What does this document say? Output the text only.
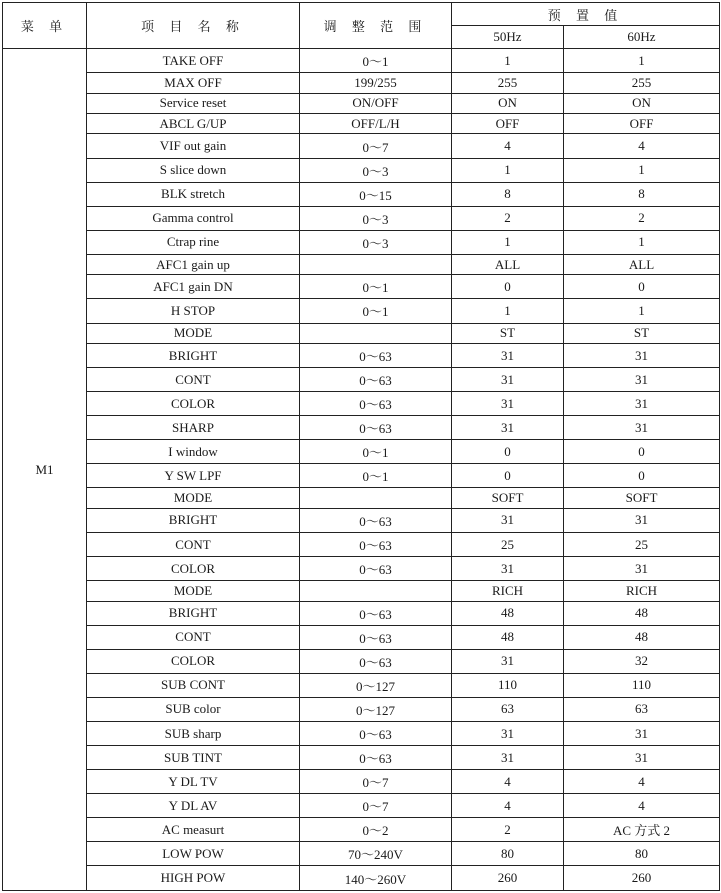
菜 单	项 目 名 称	调 整 范 围	预 置 值	
			50Hz	60Hz
M1	TAKE OFF	0～1	1	1
	MAX OFF	199/255	255	255
	Service reset	ON/OFF	ON	ON
	ABCL G/UP	OFF/L/H	OFF	OFF
	VIF out gain	0～7	4	4
	S slice down	0～3	1	1
	BLK stretch	0～15	8	8
	Gamma control	0～3	2	2
	Ctrap rine	0～3	1	1
	AFC1 gain up		ALL	ALL
	AFC1 gain DN	0～1	0	0
	H STOP	0～1	1	1
	MODE		ST	ST
	BRIGHT	0～63	31	31
	CONT	0～63	31	31
	COLOR	0～63	31	31
	SHARP	0～63	31	31
	I window	0～1	0	0
	Y SW LPF	0～1	0	0
	MODE		SOFT	SOFT
	BRIGHT	0～63	31	31
	CONT	0～63	25	25
	COLOR	0～63	31	31
	MODE		RICH	RICH
	BRIGHT	0～63	48	48
	CONT	0～63	48	48
	COLOR	0～63	31	32
	SUB CONT	0～127	110	110
	SUB color	0～127	63	63
	SUB sharp	0～63	31	31
	SUB TINT	0～63	31	31
	Y DL TV	0～7	4	4
	Y DL AV	0～7	4	4
	AC measurt	0～2	2	AC 方式 2
	LOW POW	70～240V	80	80
	HIGH POW	140～260V	260	260
